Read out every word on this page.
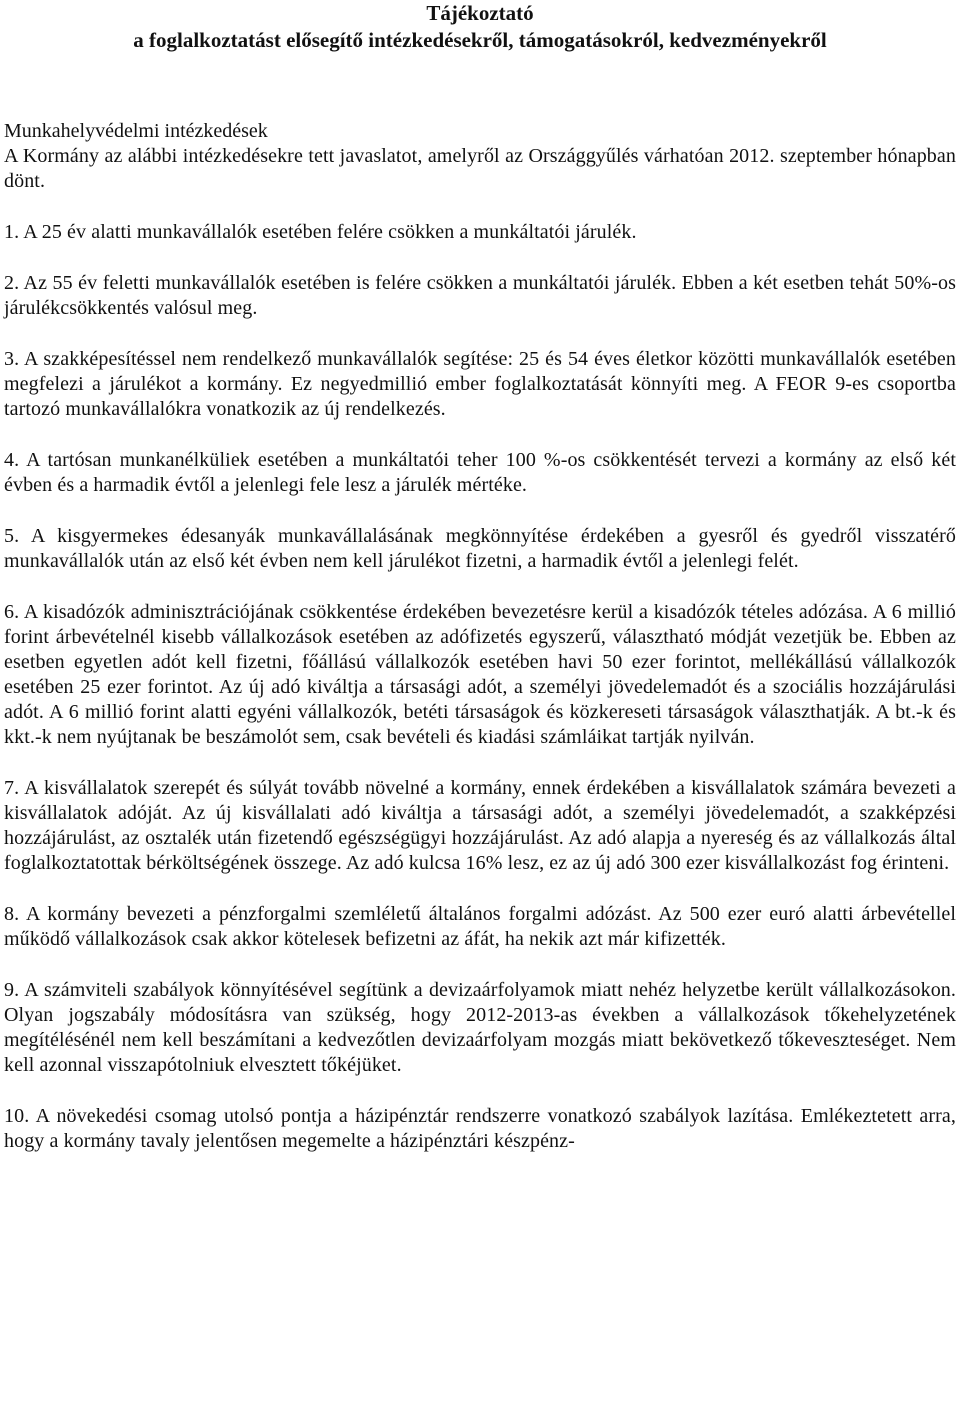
Tájékoztató
a foglalkoztatást elősegítő intézkedésekről, támogatásokról, kedvezményekről
Munkahelyvédelmi intézkedések

A Kormány az alábbi intézkedésekre tett javaslatot, amelyről az Országgyűlés várhatóan 2012. szeptember hónapban dönt.

1. A 25 év alatti munkavállalók esetében felére csökken a munkáltatói járulék.

2. Az 55 év feletti munkavállalók esetében is felére csökken a munkáltatói járulék. Ebben a két esetben tehát 50%-os járulékcsökkentés valósul meg.

3. A szakképesítéssel nem rendelkező munkavállalók segítése: 25 és 54 éves életkor közötti munkavállalók esetében megfelezi a járulékot a kormány. Ez negyedmillió ember foglalkoztatását könnyíti meg. A FEOR 9-es csoportba tartozó munkavállalókra vonatkozik az új rendelkezés.

4. A tartósan munkanélküliek esetében a munkáltatói teher 100 %-os csökkentését tervezi a kormány az első két évben és a harmadik évtől a jelenlegi fele lesz a járulék mértéke.

5. A kisgyermekes édesanyák munkavállalásának megkönnyítése érdekében a gyesről és gyedről visszatérő munkavállalók után az első két évben nem kell járulékot fizetni, a harmadik évtől a jelenlegi felét.

6. A kisadózók adminisztrációjának csökkentése érdekében bevezetésre kerül a kisadózók tételes adózása. A 6 millió forint árbevételnél kisebb vállalkozások esetében az adófizetés egyszerű, választható módját vezetjük be. Ebben az esetben egyetlen adót kell fizetni, főállású vállalkozók esetében havi 50 ezer forintot, mellékállású vállalkozók esetében 25 ezer forintot. Az új adó kiváltja a társasági adót, a személyi jövedelemadót és a szociális hozzájárulási adót. A 6 millió forint alatti egyéni vállalkozók, betéti társaságok és közkereseti társaságok választhatják. A bt.-k és kkt.-k nem nyújtanak be beszámolót sem, csak bevételi és kiadási számláikat tartják nyilván.

7. A kisvállalatok szerepét és súlyát tovább növelné a kormány, ennek érdekében a kisvállalatok számára bevezeti a kisvállalatok adóját. Az új kisvállalati adó kiváltja a társasági adót, a személyi jövedelemadót, a szakképzési hozzájárulást, az osztalék után fizetendő egészségügyi hozzájárulást. Az adó alapja a nyereség és az vállalkozás által foglalkoztatottak bérköltségének összege. Az adó kulcsa 16% lesz, ez az új adó 300 ezer kisvállalkozást fog érinteni.

8. A kormány bevezeti a pénzforgalmi szemléletű általános forgalmi adózást. Az 500 ezer euró alatti árbevétellel működő vállalkozások csak akkor kötelesek befizetni az áfát, ha nekik azt már kifizették.

9. A számviteli szabályok könnyítésével segítünk a devizaárfolyamok miatt nehéz helyzetbe került vállalkozásokon. Olyan jogszabály módosításra van szükség, hogy 2012-2013-as években a vállalkozások tőkehelyzetének megítélésénél nem kell beszámítani a kedvezőtlen devizaárfolyam mozgás miatt bekövetkező tőkeveszteséget. Nem kell azonnal visszapótolniuk elvesztett tőkéjüket.

10. A növekedési csomag utolsó pontja a házipénztár rendszerre vonatkozó szabályok lazítása. Emlékeztetett arra, hogy a kormány tavaly jelentősen megemelte a házipénztári készpénz-
